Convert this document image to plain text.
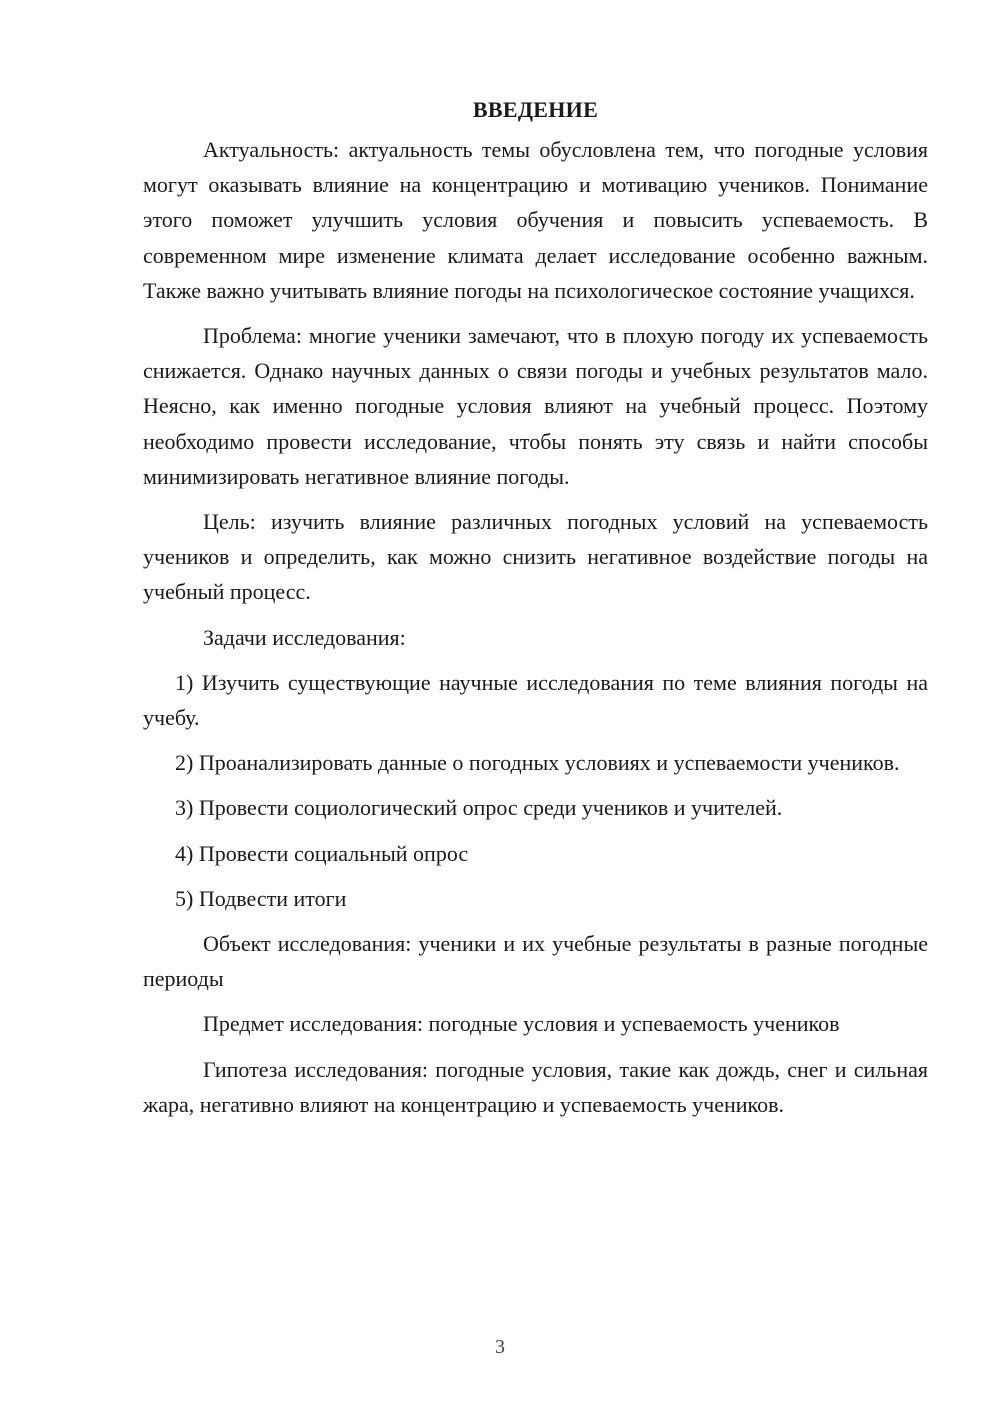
ВВЕДЕНИЕ

Актуальность: актуальность темы обусловлена тем, что погодные условия могут оказывать влияние на концентрацию и мотивацию учеников. Понимание этого поможет улучшить условия обучения и повысить успеваемость. В современном мире изменение климата делает исследование особенно важным. Также важно учитывать влияние погоды на психологическое состояние учащихся.

Проблема: многие ученики замечают, что в плохую погоду их успеваемость снижается. Однако научных данных о связи погоды и учебных результатов мало. Неясно, как именно погодные условия влияют на учебный процесс. Поэтому необходимо провести исследование, чтобы понять эту связь и найти способы минимизировать негативное влияние погоды.

Цель: изучить влияние различных погодных условий на успеваемость учеников и определить, как можно снизить негативное воздействие погоды на учебный процесс.

Задачи исследования:

1) Изучить существующие научные исследования по теме влияния погоды на учебу.

2) Проанализировать данные о погодных условиях и успеваемости учеников.

3) Провести социологический опрос среди учеников и учителей.

4) Провести социальный опрос

5) Подвести итоги

Объект исследования: ученики и их учебные результаты в разные погодные периоды

Предмет исследования: погодные условия и успеваемость учеников

Гипотеза исследования: погодные условия, такие как дождь, снег и сильная жара, негативно влияют на концентрацию и успеваемость учеников.

3
